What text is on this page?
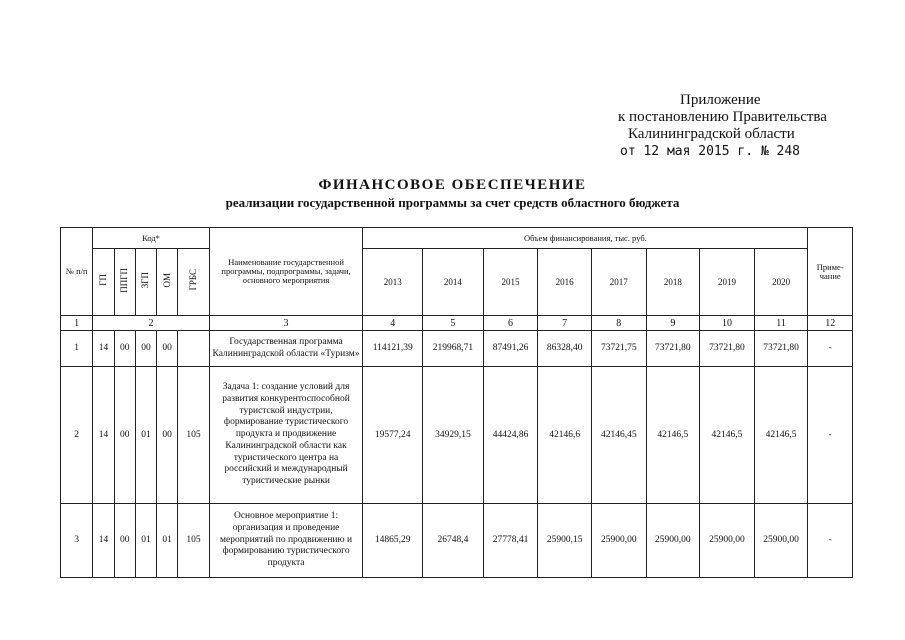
Приложение
к постановлению Правительства
Калининградской области
от 12 мая 2015 г. № 248
ФИНАНСОВОЕ ОБЕСПЕЧЕНИЕ
реализации государственной программы за счет средств областного бюджета
№ п/п	Код*					Наименование государственной программы, подпрограммы, задачи, основного мероприятия	Объем финансирования, тыс. руб.								Приме-чание
	ГП	ППГП	ЗГП	ОМ	ГРБС		2013	2014	2015	2016	2017	2018	2019	2020	
1	2					3	4	5	6	7	8	9	10	11	12
1	14	00	00	00		Государственная программа Калининградской области «Туризм»	114121,39	219968,71	87491,26	86328,40	73721,75	73721,80	73721,80	73721,80	-
2	14	00	01	00	105	Задача 1: создание условий для развития конкурентоспособной туристской индустрии, формирование туристического продукта и продвижение Калининградской области как туристического центра на российский и международный туристические рынки	19577,24	34929,15	44424,86	42146,6	42146,45	42146,5	42146,5	42146,5	-
3	14	00	01	01	105	Основное мероприятие 1: организация и проведение мероприятий по продвижению и формированию туристического продукта	14865,29	26748,4	27778,41	25900,15	25900,00	25900,00	25900,00	25900,00	-
